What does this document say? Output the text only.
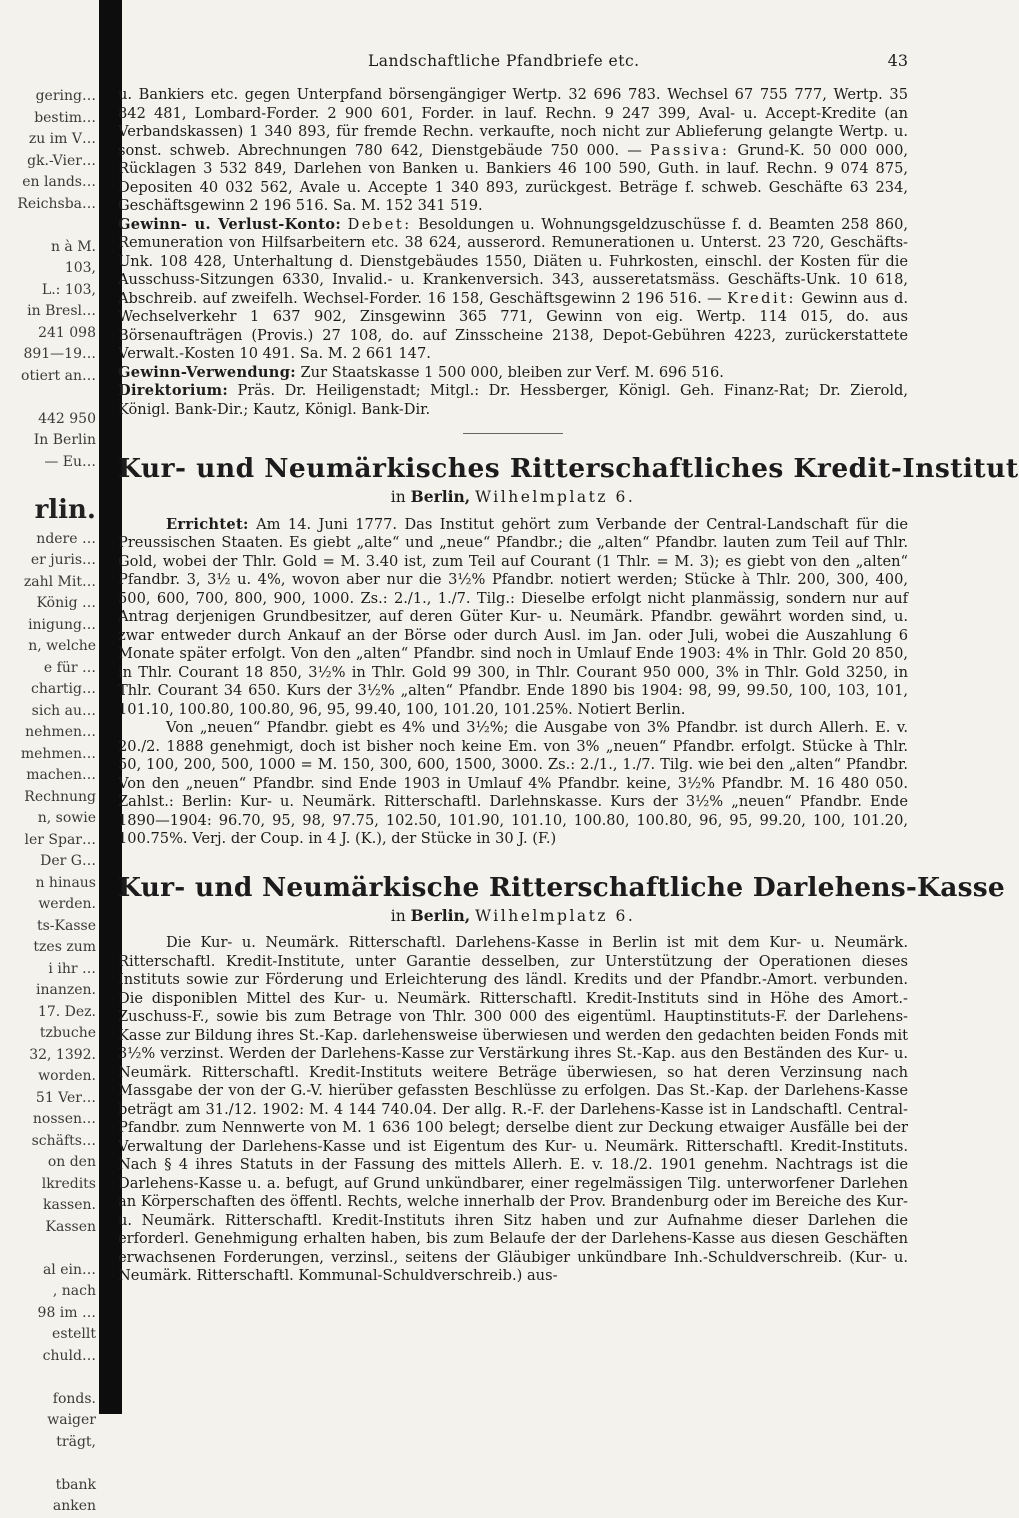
gering…
bestim…
zu im V…
gk.-Vier…
en lands…
Reichsba…
n à M.
103,
L.: 103,
in Bresl…
241 098
891—19…
otiert an…
442 950
In Berlin
— Eu…
rlin.
ndere …
er juris…
zahl Mit…
König …
inigung…
n, welche
e für …
chartig…
sich au…
nehmen…
mehmen…
machen…
Rechnung
n, sowie
ler Spar…
Der G…
n hinaus
werden.
ts-Kasse
tzes zum
i ihr …
inanzen.
17. Dez.
tzbuche
32, 1392.
worden.
51 Ver…
nossen…
schäfts…
on den
lkredits
kassen.
Kassen
al ein…
, nach
98 im …
estellt
chuld…
fonds.
waiger
trägt,
tbank
anken
Landschaftliche Pfandbriefe etc.	43

u. Bankiers etc. gegen Unterpfand börsengängiger Wertp. 32 696 783. Wechsel 67 755 777, Wertp. 35 842 481, Lombard-Forder. 2 900 601, Forder. in lauf. Rechn. 9 247 399, Aval- u. Accept-Kredite (an Verbandskassen) 1 340 893, für fremde Rechn. verkaufte, noch nicht zur Ablieferung gelangte Wertp. u. sonst. schweb. Abrechnungen 780 642, Dienstgebäude 750 000. — Passiva: Grund-K. 50 000 000, Rücklagen 3 532 849, Darlehen von Banken u. Bankiers 46 100 590, Guth. in lauf. Rechn. 9 074 875, Depositen 40 032 562, Avale u. Accepte 1 340 893, zurückgest. Beträge f. schweb. Geschäfte 63 234, Geschäftsgewinn 2 196 516. Sa. M. 152 341 519.

Gewinn- u. Verlust-Konto: Debet: Besoldungen u. Wohnungsgeldzuschüsse f. d. Beamten 258 860, Remuneration von Hilfsarbeitern etc. 38 624, ausserord. Remunerationen u. Unterst. 23 720, Geschäfts-Unk. 108 428, Unterhaltung d. Dienstgebäudes 1550, Diäten u. Fuhrkosten, einschl. der Kosten für die Ausschuss-Sitzungen 6330, Invalid.- u. Krankenversich. 343, ausseretatsmäss. Geschäfts-Unk. 10 618, Abschreib. auf zweifelh. Wechsel-Forder. 16 158, Geschäftsgewinn 2 196 516. — Kredit: Gewinn aus d. Wechselverkehr 1 637 902, Zinsgewinn 365 771, Gewinn von eig. Wertp. 114 015, do. aus Börsenaufträgen (Provis.) 27 108, do. auf Zinsscheine 2138, Depot-Gebühren 4223, zurückerstattete Verwalt.-Kosten 10 491. Sa. M. 2 661 147.

Gewinn-Verwendung: Zur Staatskasse 1 500 000, bleiben zur Verf. M. 696 516.

Direktorium: Präs. Dr. Heiligenstadt; Mitgl.: Dr. Hessberger, Königl. Geh. Finanz-Rat; Dr. Zierold, Königl. Bank-Dir.; Kautz, Königl. Bank-Dir.

Kur- und Neumärkisches Ritterschaftliches Kredit-Institut
in Berlin, Wilhelmplatz 6.

Errichtet: Am 14. Juni 1777. Das Institut gehört zum Verbande der Central-Landschaft für die Preussischen Staaten. Es giebt „alte“ und „neue“ Pfandbr.; die „alten“ Pfandbr. lauten zum Teil auf Thlr. Gold, wobei der Thlr. Gold = M. 3.40 ist, zum Teil auf Courant (1 Thlr. = M. 3); es giebt von den „alten“ Pfandbr. 3, 3½ u. 4%, wovon aber nur die 3½% Pfandbr. notiert werden; Stücke à Thlr. 200, 300, 400, 500, 600, 700, 800, 900, 1000. Zs.: 2./1., 1./7. Tilg.: Dieselbe erfolgt nicht planmässig, sondern nur auf Antrag derjenigen Grundbesitzer, auf deren Güter Kur- u. Neumärk. Pfandbr. gewährt worden sind, u. zwar entweder durch Ankauf an der Börse oder durch Ausl. im Jan. oder Juli, wobei die Auszahlung 6 Monate später erfolgt. Von den „alten“ Pfandbr. sind noch in Umlauf Ende 1903: 4% in Thlr. Gold 20 850, in Thlr. Courant 18 850, 3½% in Thlr. Gold 99 300, in Thlr. Courant 950 000, 3% in Thlr. Gold 3250, in Thlr. Courant 34 650. Kurs der 3½% „alten“ Pfandbr. Ende 1890 bis 1904: 98, 99, 99.50, 100, 103, 101, 101.10, 100.80, 100.80, 96, 95, 99.40, 100, 101.20, 101.25%. Notiert Berlin.

Von „neuen“ Pfandbr. giebt es 4% und 3½%; die Ausgabe von 3% Pfandbr. ist durch Allerh. E. v. 20./2. 1888 genehmigt, doch ist bisher noch keine Em. von 3% „neuen“ Pfandbr. erfolgt. Stücke à Thlr. 50, 100, 200, 500, 1000 = M. 150, 300, 600, 1500, 3000. Zs.: 2./1., 1./7. Tilg. wie bei den „alten“ Pfandbr. Von den „neuen“ Pfandbr. sind Ende 1903 in Umlauf 4% Pfandbr. keine, 3½% Pfandbr. M. 16 480 050. Zahlst.: Berlin: Kur- u. Neumärk. Ritterschaftl. Darlehnskasse. Kurs der 3½% „neuen“ Pfandbr. Ende 1890—1904: 96.70, 95, 98, 97.75, 102.50, 101.90, 101.10, 100.80, 100.80, 96, 95, 99.20, 100, 101.20, 100.75%. Verj. der Coup. in 4 J. (K.), der Stücke in 30 J. (F.)

Kur- und Neumärkische Ritterschaftliche Darlehens-Kasse
in Berlin, Wilhelmplatz 6.

Die Kur- u. Neumärk. Ritterschaftl. Darlehens-Kasse in Berlin ist mit dem Kur- u. Neumärk. Ritterschaftl. Kredit-Institute, unter Garantie desselben, zur Unterstützung der Operationen dieses Instituts sowie zur Förderung und Erleichterung des ländl. Kredits und der Pfandbr.-Amort. verbunden. Die disponiblen Mittel des Kur- u. Neumärk. Ritterschaftl. Kredit-Instituts sind in Höhe des Amort.-Zuschuss-F., sowie bis zum Betrage von Thlr. 300 000 des eigentüml. Hauptinstituts-F. der Darlehens-Kasse zur Bildung ihres St.-Kap. darlehensweise überwiesen und werden den gedachten beiden Fonds mit 3½% verzinst. Werden der Darlehens-Kasse zur Verstärkung ihres St.-Kap. aus den Beständen des Kur- u. Neumärk. Ritterschaftl. Kredit-Instituts weitere Beträge überwiesen, so hat deren Verzinsung nach Massgabe der von der G.-V. hierüber gefassten Beschlüsse zu erfolgen. Das St.-Kap. der Darlehens-Kasse beträgt am 31./12. 1902: M. 4 144 740.04. Der allg. R.-F. der Darlehens-Kasse ist in Landschaftl. Central-Pfandbr. zum Nennwerte von M. 1 636 100 belegt; derselbe dient zur Deckung etwaiger Ausfälle bei der Verwaltung der Darlehens-Kasse und ist Eigentum des Kur- u. Neumärk. Ritterschaftl. Kredit-Instituts. Nach § 4 ihres Statuts in der Fassung des mittels Allerh. E. v. 18./2. 1901 genehm. Nachtrags ist die Darlehens-Kasse u. a. befugt, auf Grund unkündbarer, einer regelmässigen Tilg. unterworfener Darlehen an Körperschaften des öffentl. Rechts, welche innerhalb der Prov. Brandenburg oder im Bereiche des Kur- u. Neumärk. Ritterschaftl. Kredit-Instituts ihren Sitz haben und zur Aufnahme dieser Darlehen die erforderl. Genehmigung erhalten haben, bis zum Belaufe der der Darlehens-Kasse aus diesen Geschäften erwachsenen Forderungen, verzinsl., seitens der Gläubiger unkündbare Inh.-Schuldverschreib. (Kur- u. Neumärk. Ritterschaftl. Kommunal-Schuldverschreib.) aus-
